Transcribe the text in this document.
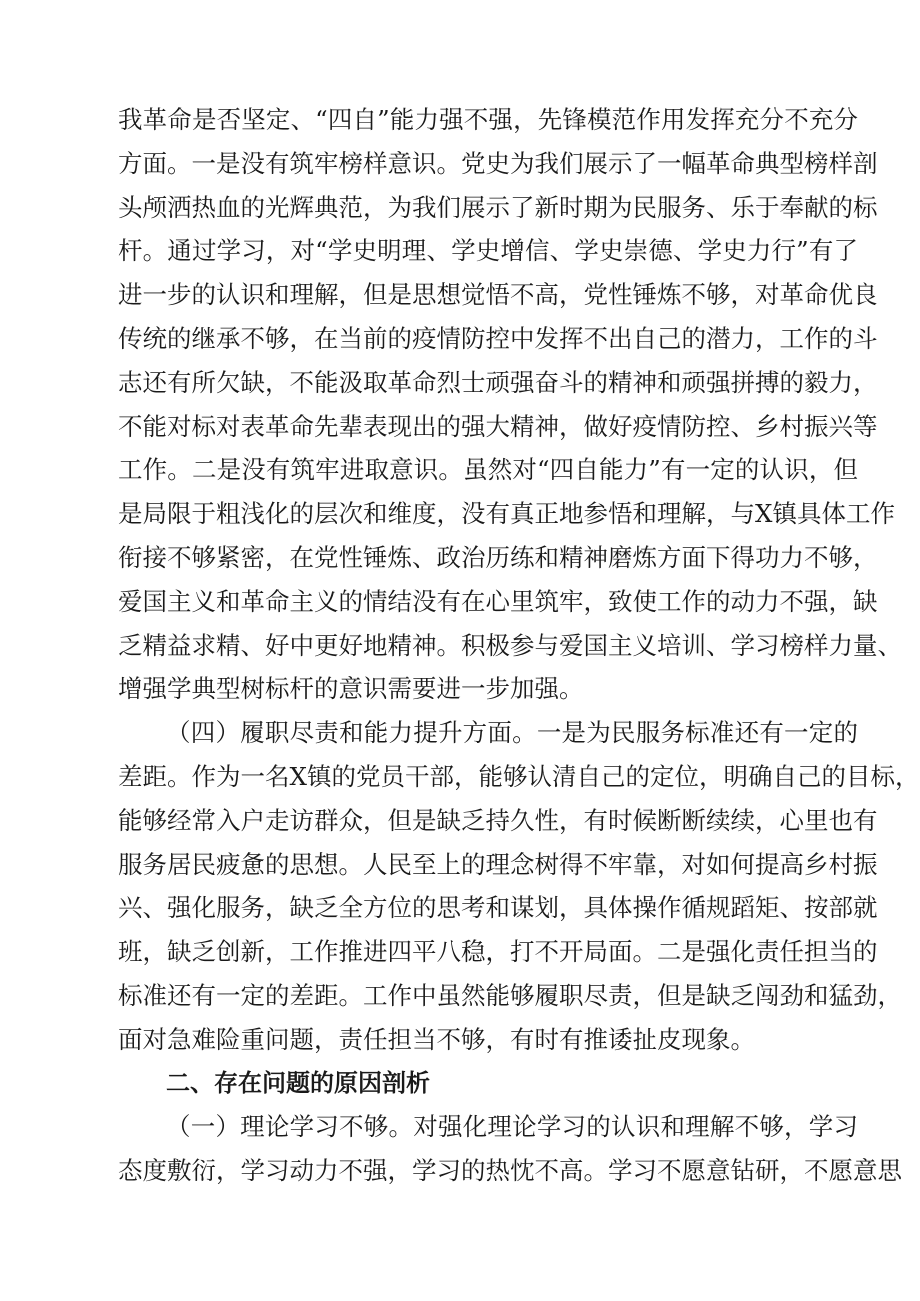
我革命是否坚定、“四自”能力强不强，先锋模范作用发挥充分不充分
方面。一是没有筑牢榜样意识。党史为我们展示了一幅革命典型榜样剖
头颅洒热血的光辉典范，为我们展示了新时期为民服务、乐于奉献的标
杆。通过学习，对“学史明理、学史增信、学史崇德、学史力行”有了
进一步的认识和理解，但是思想觉悟不高，党性锤炼不够，对革命优良
传统的继承不够，在当前的疫情防控中发挥不出自己的潜力，工作的斗
志还有所欠缺，不能汲取革命烈士顽强奋斗的精神和顽强拼搏的毅力，
不能对标对表革命先辈表现出的强大精神，做好疫情防控、乡村振兴等
工作。二是没有筑牢进取意识。虽然对“四自能力”有一定的认识，但
是局限于粗浅化的层次和维度，没有真正地参悟和理解，与X镇具体工作
衔接不够紧密，在党性锤炼、政治历练和精神磨炼方面下得功力不够，
爱国主义和革命主义的情结没有在心里筑牢，致使工作的动力不强，缺
乏精益求精、好中更好地精神。积极参与爱国主义培训、学习榜样力量、
增强学典型树标杆的意识需要进一步加强。
（四）履职尽责和能力提升方面。一是为民服务标准还有一定的
差距。作为一名X镇的党员干部，能够认清自己的定位，明确自己的目标，
能够经常入户走访群众，但是缺乏持久性，有时候断断续续，心里也有
服务居民疲惫的思想。人民至上的理念树得不牢靠，对如何提高乡村振
兴、强化服务，缺乏全方位的思考和谋划，具体操作循规蹈矩、按部就
班，缺乏创新，工作推进四平八稳，打不开局面。二是强化责任担当的
标准还有一定的差距。工作中虽然能够履职尽责，但是缺乏闯劲和猛劲，
面对急难险重问题，责任担当不够，有时有推诿扯皮现象。
二、存在问题的原因剖析
（一）理论学习不够。对强化理论学习的认识和理解不够，学习
态度敷衍，学习动力不强，学习的热忱不高。学习不愿意钻研，不愿意思
